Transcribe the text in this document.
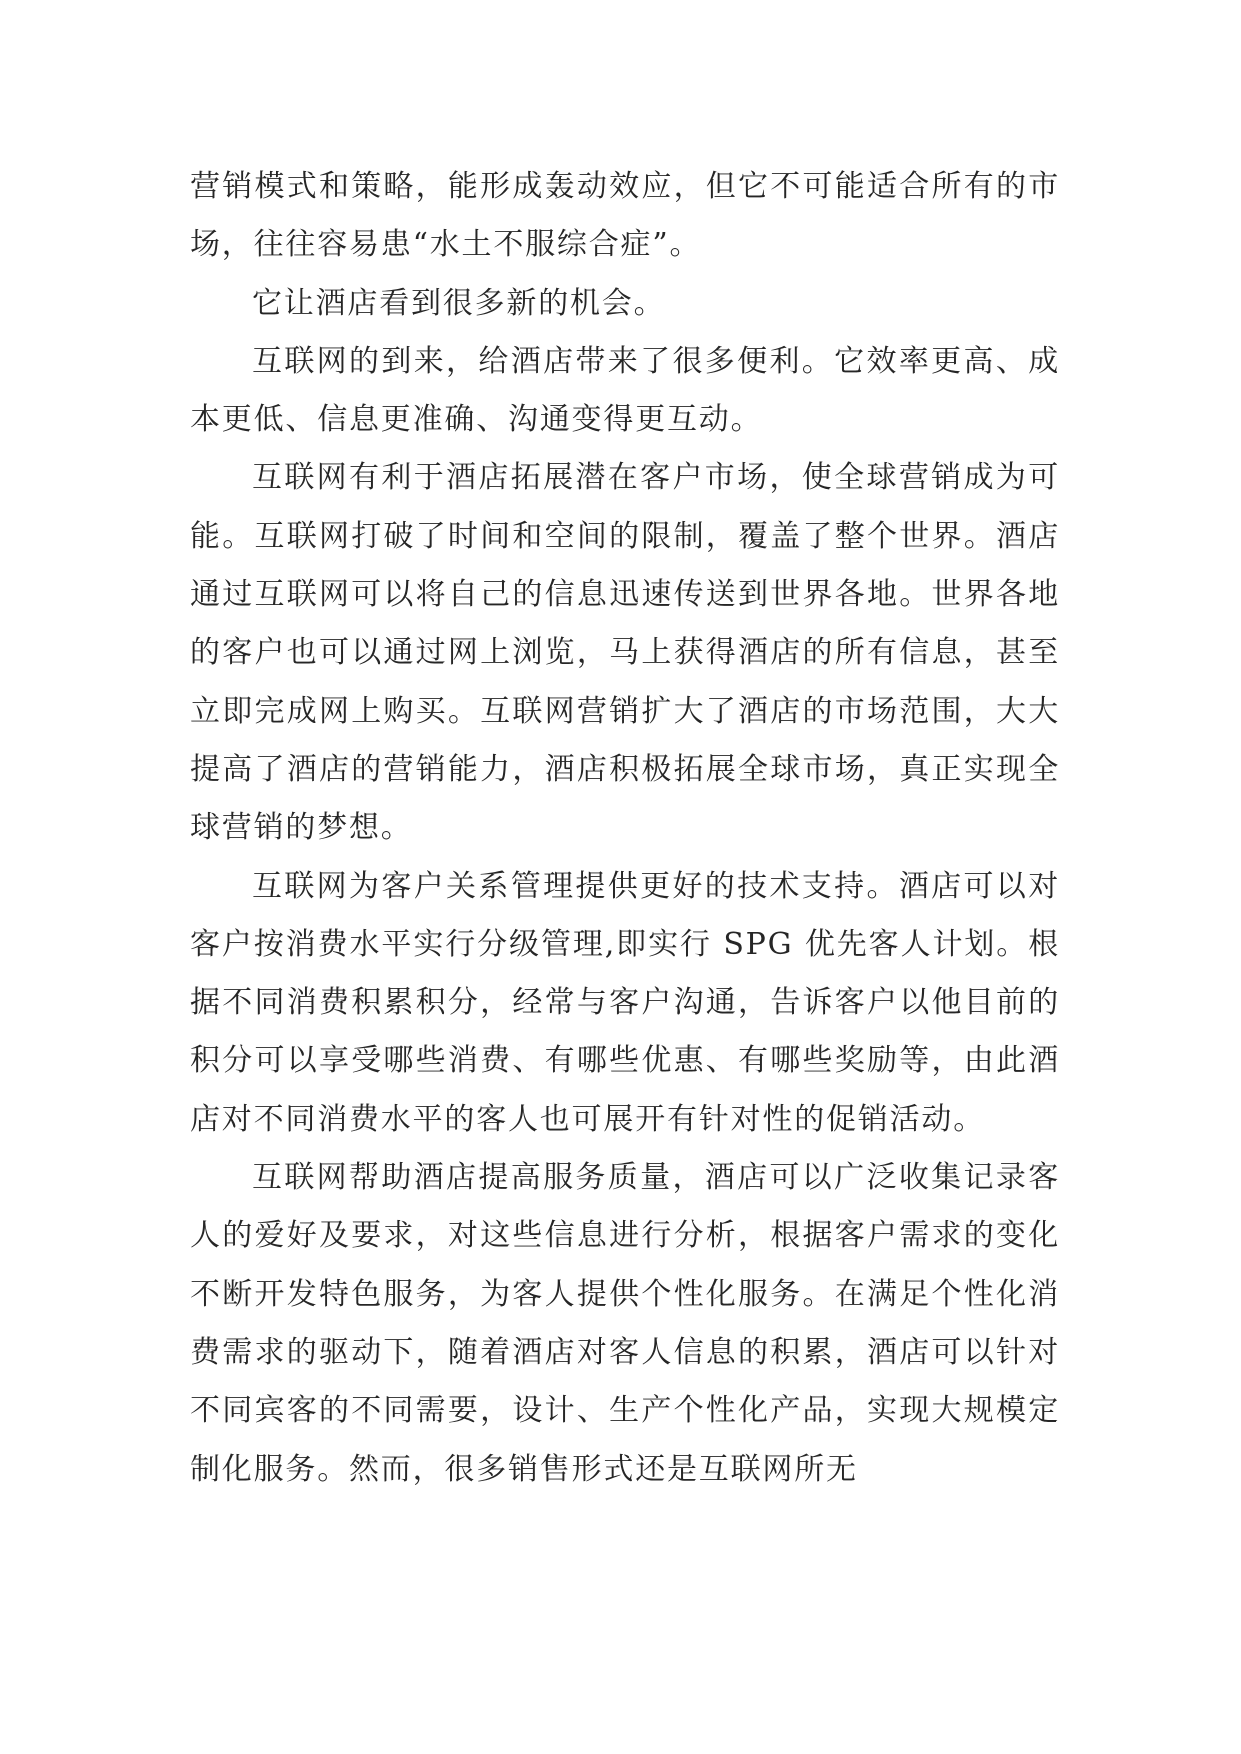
营销模式和策略，能形成轰动效应，但它不可能适合所有的市场，往往容易患“水土不服综合症”。

它让酒店看到很多新的机会。

互联网的到来，给酒店带来了很多便利。它效率更高、成本更低、信息更准确、沟通变得更互动。

互联网有利于酒店拓展潜在客户市场，使全球营销成为可能。互联网打破了时间和空间的限制，覆盖了整个世界。酒店通过互联网可以将自己的信息迅速传送到世界各地。世界各地的客户也可以通过网上浏览，马上获得酒店的所有信息，甚至立即完成网上购买。互联网营销扩大了酒店的市场范围，大大提高了酒店的营销能力，酒店积极拓展全球市场，真正实现全球营销的梦想。

互联网为客户关系管理提供更好的技术支持。酒店可以对客户按消费水平实行分级管理,即实行 SPG 优先客人计划。根据不同消费积累积分，经常与客户沟通，告诉客户以他目前的积分可以享受哪些消费、有哪些优惠、有哪些奖励等，由此酒店对不同消费水平的客人也可展开有针对性的促销活动。

互联网帮助酒店提高服务质量，酒店可以广泛收集记录客人的爱好及要求，对这些信息进行分析，根据客户需求的变化不断开发特色服务，为客人提供个性化服务。在满足个性化消费需求的驱动下，随着酒店对客人信息的积累，酒店可以针对不同宾客的不同需要，设计、生产个性化产品，实现大规模定制化服务。然而，很多销售形式还是互联网所无
